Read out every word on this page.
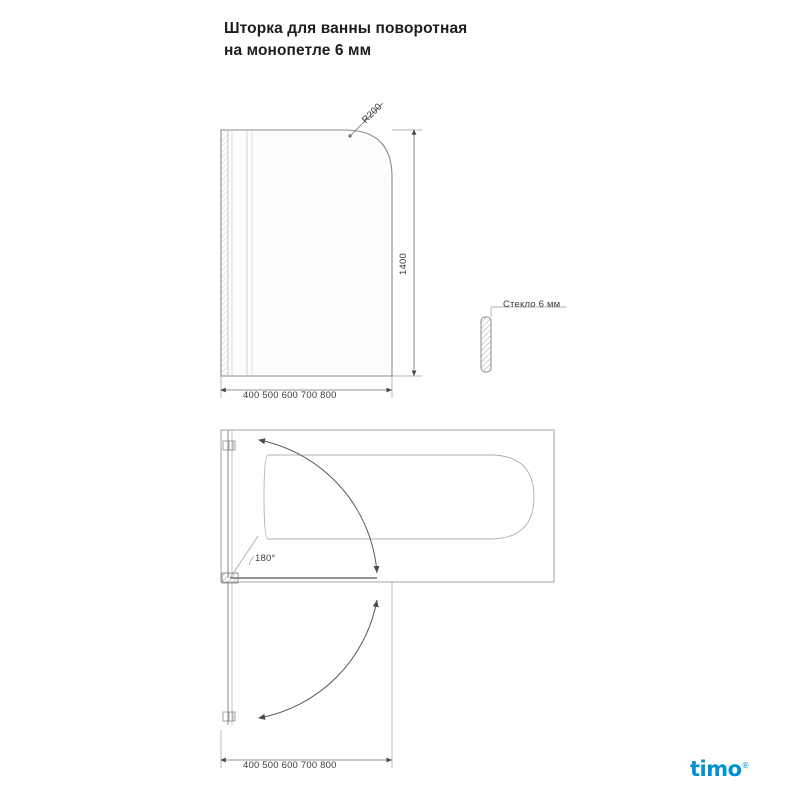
Шторка для ванны поворотная
на монопетле 6 мм
R200
1400
400 500 600 700 800
Стекло 6 мм
180°
400 500 600 700 800	timo®
